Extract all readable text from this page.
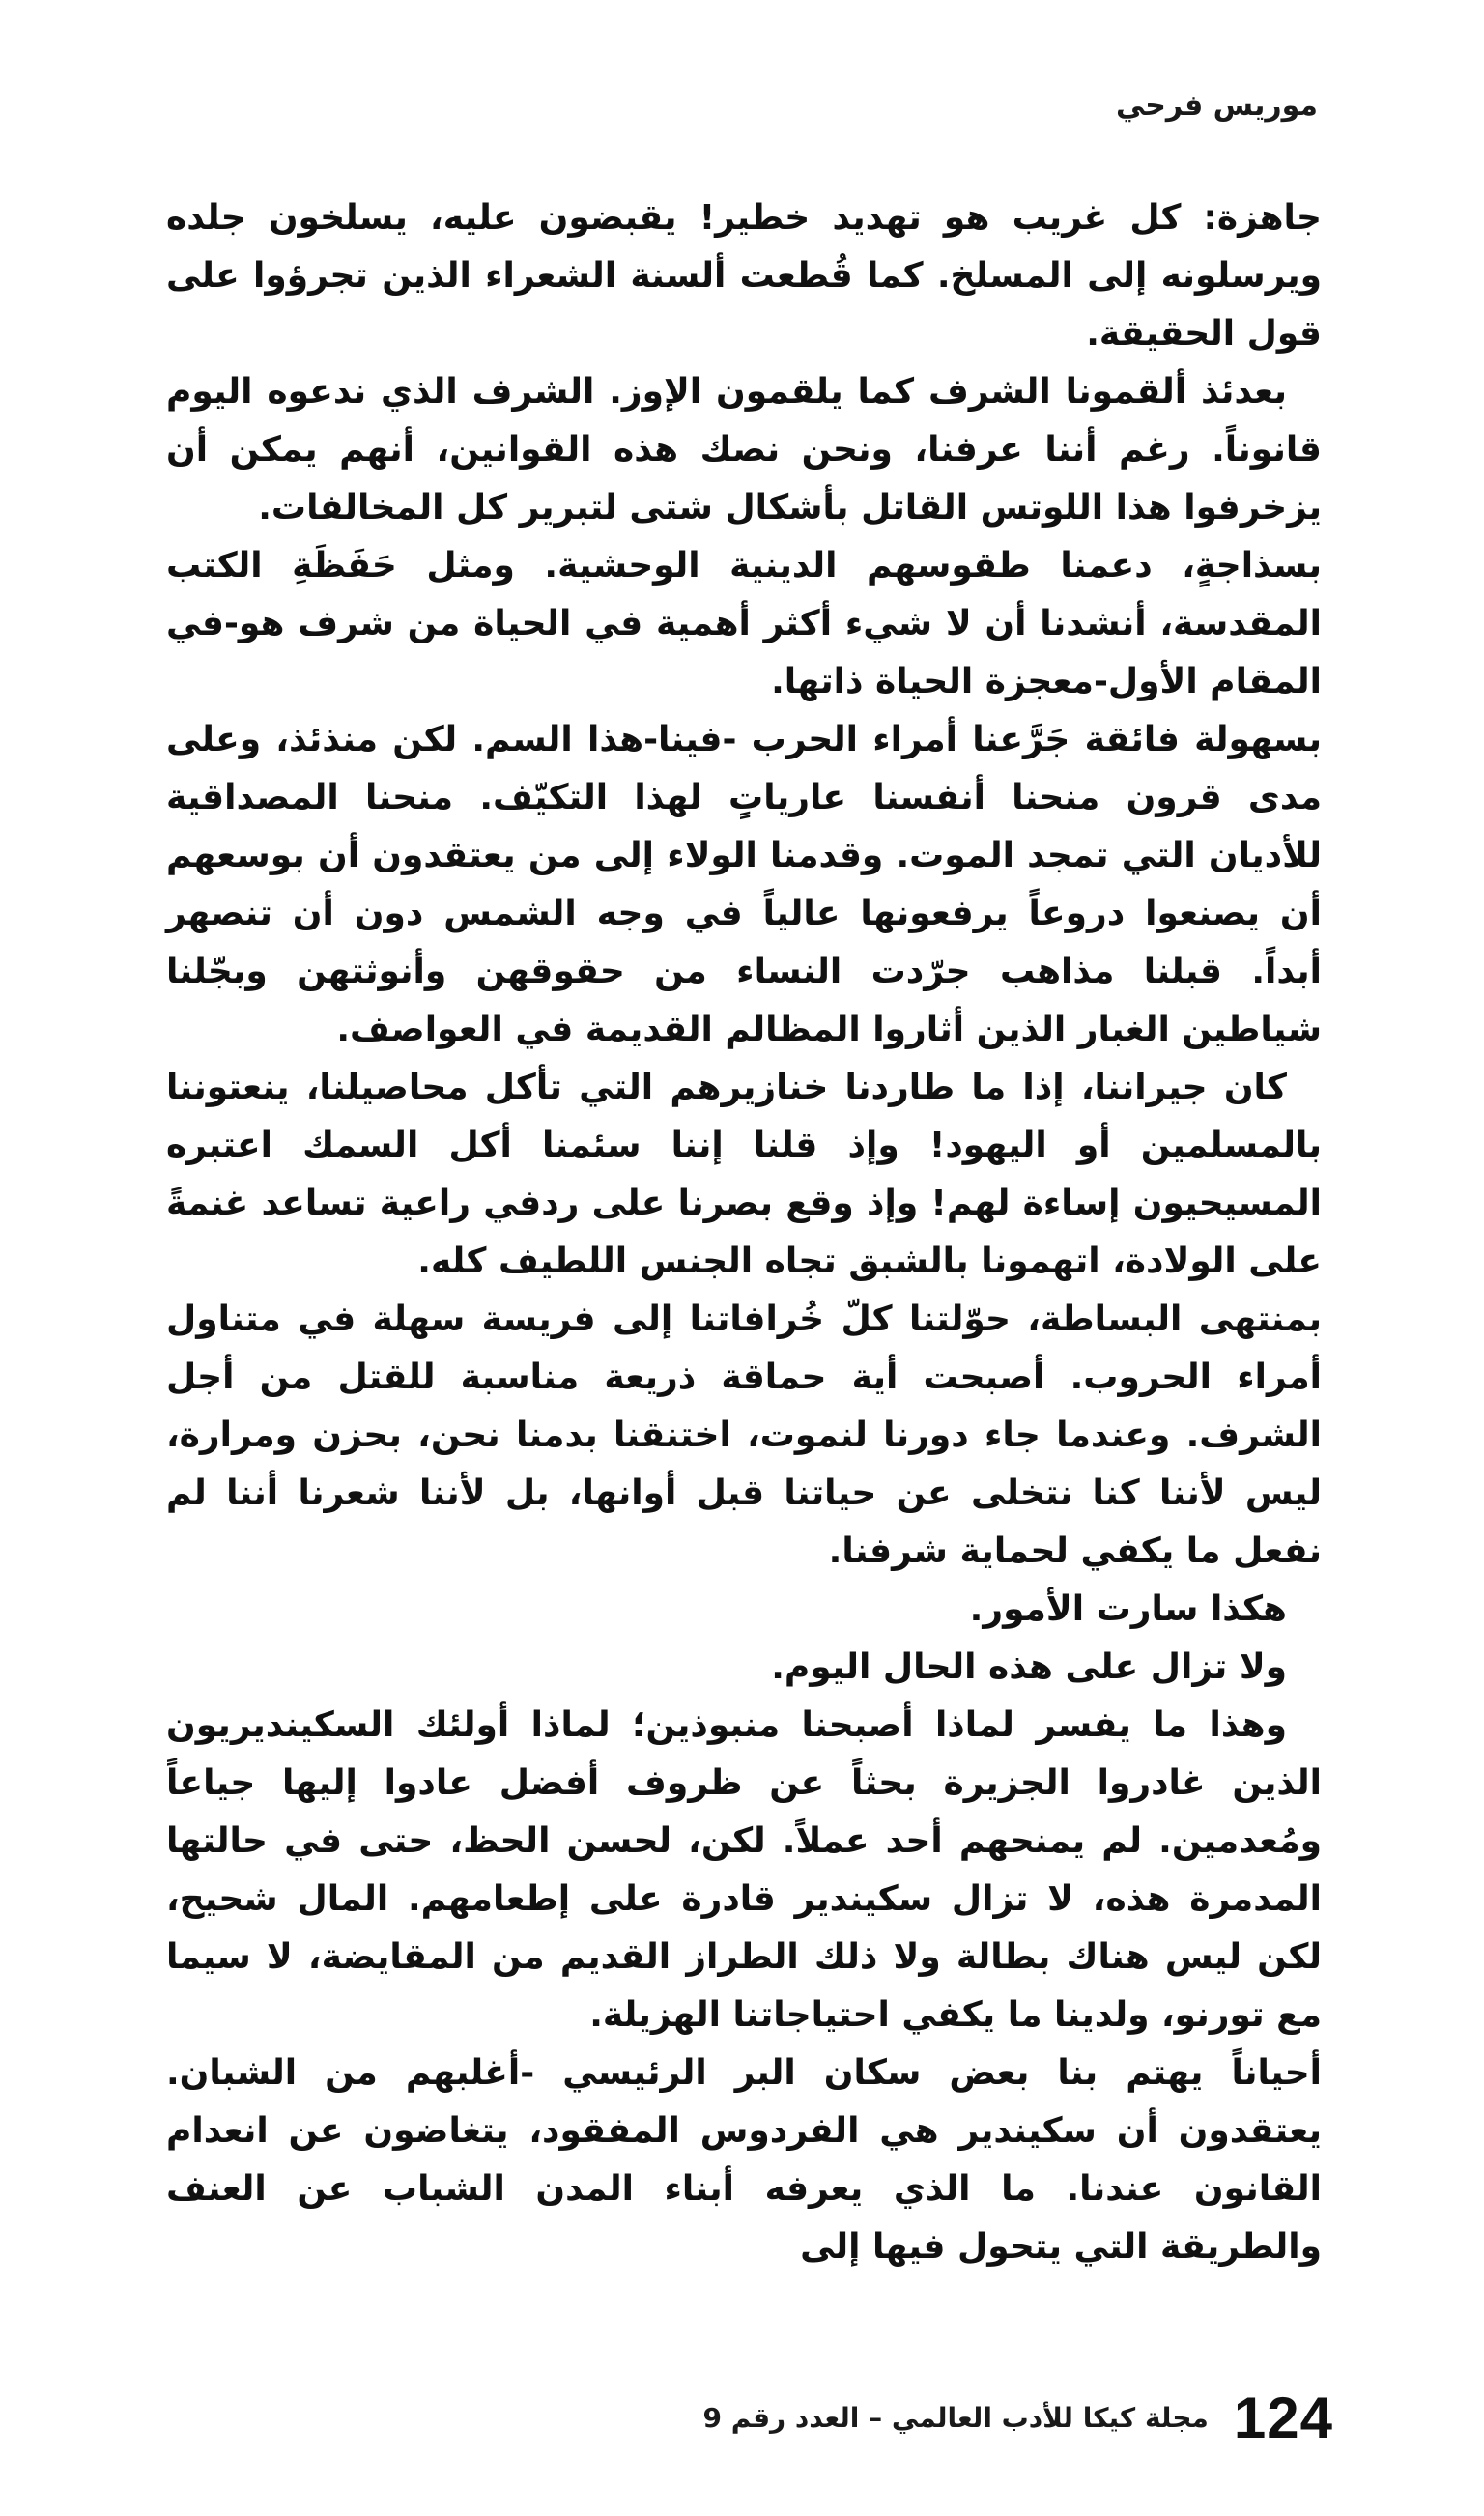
موريس فرحي

جاهزة: كل غريب هو تهديد خطير! يقبضون عليه، يسلخون جلده ويرسلونه إلى المسلخ. كما قُطعت ألسنة الشعراء الذين تجرؤوا على قول الحقيقة.

بعدئذ ألقمونا الشرف كما يلقمون الإوز. الشرف الذي ندعوه اليوم قانوناً. رغم أننا عرفنا، ونحن نصك هذه القوانين، أنهم يمكن أن يزخرفوا هذا اللوتس القاتل بأشكال شتى لتبرير كل المخالفات.

بسذاجةٍ، دعمنا طقوسهم الدينية الوحشية. ومثل حَفَظَةِ الكتب المقدسة، أنشدنا أن لا شيء أكثر أهمية في الحياة من شرف هو-في المقام الأول-معجزة الحياة ذاتها.

بسهولة فائقة جَرَّعنا أمراء الحرب -فينا-هذا السم. لكن منذئذ، وعلى مدى قرون منحنا أنفسنا عارياتٍ لهذا التكيّف. منحنا المصداقية للأديان التي تمجد الموت. وقدمنا الولاء إلى من يعتقدون أن بوسعهم أن يصنعوا دروعاً يرفعونها عالياً في وجه الشمس دون أن تنصهر أبداً. قبلنا مذاهب جرّدت النساء من حقوقهن وأنوثتهن وبجّلنا شياطين الغبار الذين أثاروا المظالم القديمة في العواصف.

كان جيراننا، إذا ما طاردنا خنازيرهم التي تأكل محاصيلنا، ينعتوننا بالمسلمين أو اليهود! وإذ قلنا إننا سئمنا أكل السمك اعتبره المسيحيون إساءة لهم! وإذ وقع بصرنا على ردفي راعية تساعد غنمةً على الولادة، اتهمونا بالشبق تجاه الجنس اللطيف كله.

بمنتهى البساطة، حوّلتنا كلّ خُرافاتنا إلى فريسة سهلة في متناول أمراء الحروب. أصبحت أية حماقة ذريعة مناسبة للقتل من أجل الشرف. وعندما جاء دورنا لنموت، اختنقنا بدمنا نحن، بحزن ومرارة، ليس لأننا كنا نتخلى عن حياتنا قبل أوانها، بل لأننا شعرنا أننا لم نفعل ما يكفي لحماية شرفنا.

هكذا سارت الأمور.

ولا تزال على هذه الحال اليوم.

وهذا ما يفسر لماذا أصبحنا منبوذين؛ لماذا أولئك السكينديريون الذين غادروا الجزيرة بحثاً عن ظروف أفضل عادوا إليها جياعاً ومُعدمين. لم يمنحهم أحد عملاً. لكن، لحسن الحظ، حتى في حالتها المدمرة هذه، لا تزال سكيندير قادرة على إطعامهم. المال شحيح، لكن ليس هناك بطالة ولا ذلك الطراز القديم من المقايضة، لا سيما مع تورنو، ولدينا ما يكفي احتياجاتنا الهزيلة.

أحياناً يهتم بنا بعض سكان البر الرئيسي -أغلبهم من الشبان. يعتقدون أن سكيندير هي الفردوس المفقود، يتغاضون عن انعدام القانون عندنا. ما الذي يعرفه أبناء المدن الشباب عن العنف والطريقة التي يتحول فيها إلى

124
مجلة كيكا للأدب العالمي – العدد رقم 9
